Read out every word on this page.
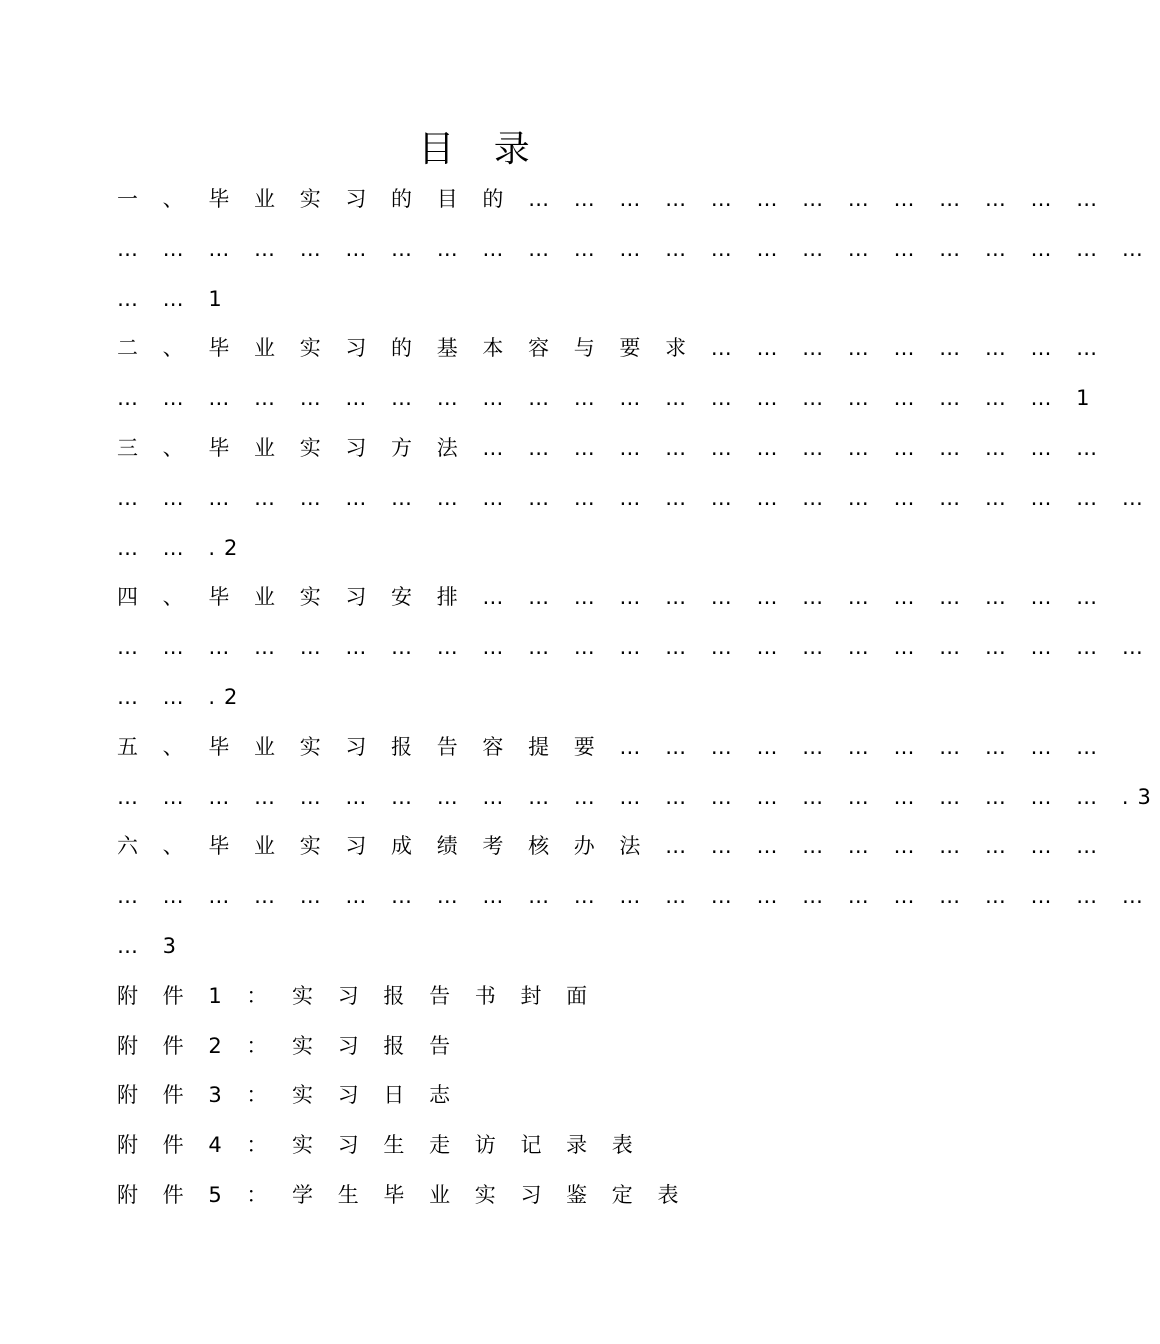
目 录
一 、 毕 业 实 习 的 目 的 … … … … … … … … … … … … …
… … … … … … … … … … … … … … … … … … … … … … …
… … 1
二 、 毕 业 实 习 的 基 本 容 与 要 求 … … … … … … … … …
… … … … … … … … … … … … … … … … … … … … … 1
三 、 毕 业 实 习 方 法 … … … … … … … … … … … … … …
… … … … … … … … … … … … … … … … … … … … … … …
… … .2
四 、 毕 业 实 习 安 排 … … … … … … … … … … … … … …
… … … … … … … … … … … … … … … … … … … … … … …
… … .2
五 、 毕 业 实 习 报 告 容 提 要 … … … … … … … … … … …
… … … … … … … … … … … … … … … … … … … … … … .3
六 、 毕 业 实 习 成 绩 考 核 办 法 … … … … … … … … … …
… … … … … … … … … … … … … … … … … … … … … … …
… 3
附 件 1 ： 实 习 报 告 书 封 面
附 件 2 ： 实 习 报 告
附 件 3 ： 实 习 日 志
附 件 4 ： 实 习 生 走 访 记 录 表
附 件 5 ： 学 生 毕 业 实 习 鉴 定 表
